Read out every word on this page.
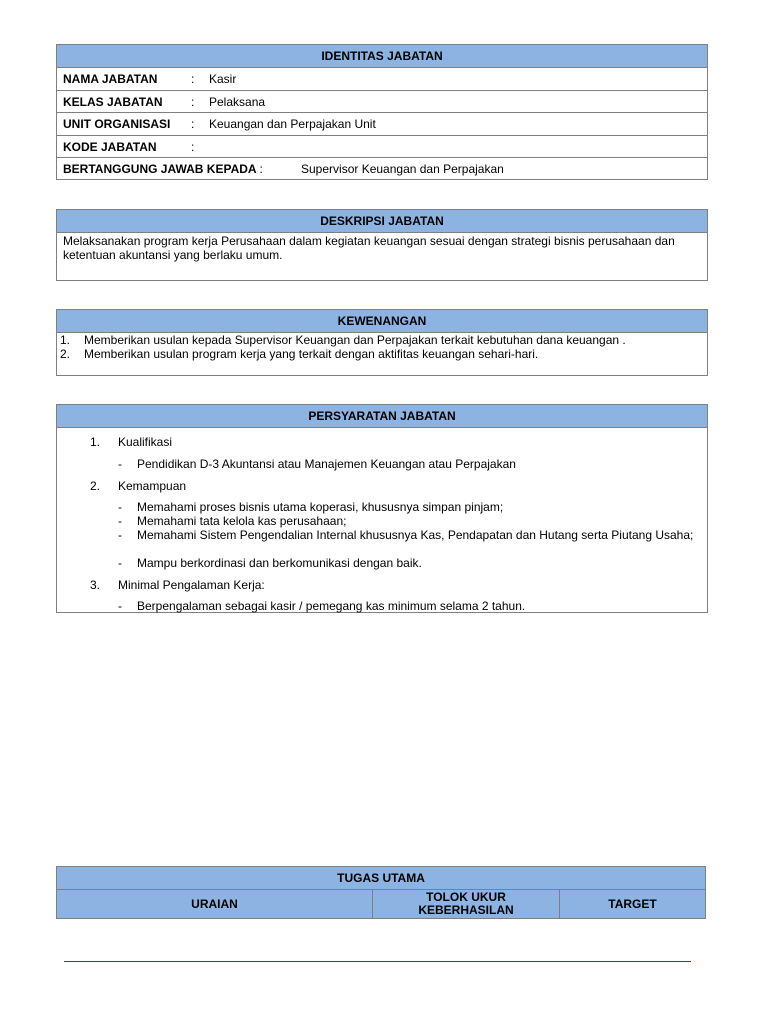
IDENTITAS JABATAN
NAMA JABATAN	: Kasir
KELAS JABATAN : Pelaksana
UNIT ORGANISASI : Keuangan dan Perpajakan Unit
KODE JABATAN	:
BERTANGGUNG JAWAB KEPADA :	Supervisor Keuangan dan Perpajakan
DESKRIPSI JABATAN
Melaksanakan program kerja Perusahaan dalam kegiatan keuangan sesuai dengan strategi bisnis perusahaan dan ketentuan akuntansi yang berlaku umum.
KEWENANGAN
1. Memberikan usulan kepada Supervisor Keuangan dan Perpajakan terkait kebutuhan dana keuangan .
2. Memberikan usulan program kerja yang terkait dengan aktifitas keuangan sehari-hari.
PERSYARATAN JABATAN
1. Kualifikasi
- Pendidikan D-3 Akuntansi atau Manajemen Keuangan atau Perpajakan
2. Kemampuan
- Memahami proses bisnis utama koperasi, khususnya simpan pinjam;
- Memahami tata kelola kas perusahaan;
- Memahami Sistem Pengendalian Internal khususnya Kas, Pendapatan dan Hutang serta Piutang Usaha;
- Mampu berkordinasi dan berkomunikasi dengan baik.
3. Minimal Pengalaman Kerja:
- Berpengalaman sebagai kasir / pemegang kas minimum selama 2 tahun.
TUGAS UTAMA
URAIAN	TOLOK UKUR KEBERHASILAN	TARGET
